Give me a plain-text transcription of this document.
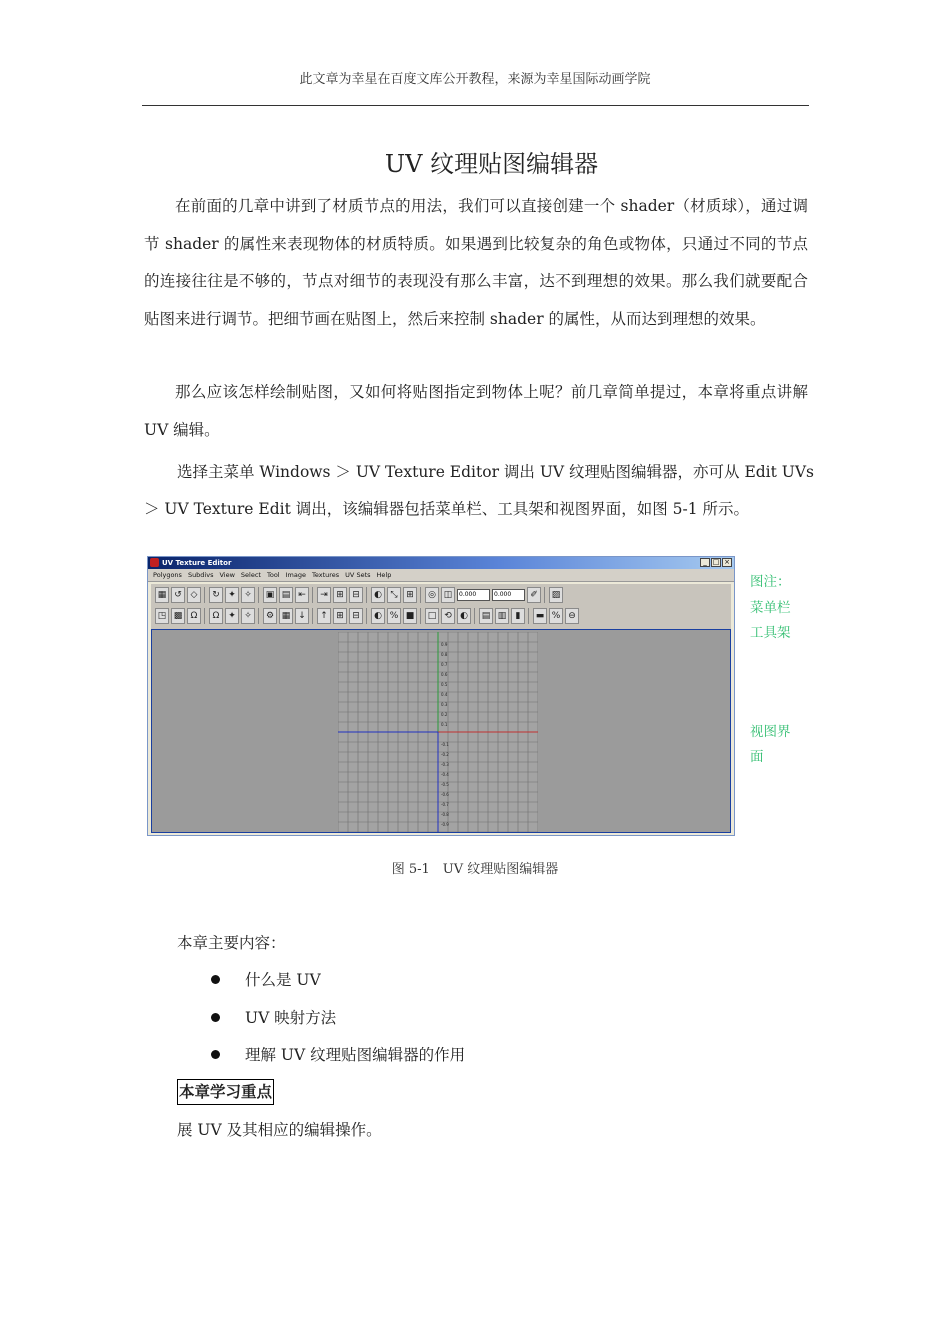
此文章为幸星在百度文库公开教程，来源为幸星国际动画学院
UV 纹理贴图编辑器

在前面的几章中讲到了材质节点的用法，我们可以直接创建一个 shader（材质球），通过调节 shader 的属性来表现物体的材质特质。如果遇到比较复杂的角色或物体，只通过不同的节点的连接往往是不够的，节点对细节的表现没有那么丰富，达不到理想的效果。那么我们就要配合贴图来进行调节。把细节画在贴图上，然后来控制 shader 的属性，从而达到理想的效果。

那么应该怎样绘制贴图，又如何将贴图指定到物体上呢？前几章简单提过，本章将重点讲解 UV 编辑。

选择主菜单 Windows ＞ UV Texture Editor 调出 UV 纹理贴图编辑器，亦可从 Edit UVs
＞ UV Texture Edit 调出，该编辑器包括菜单栏、工具架和视图界面，如图 5-1 所示。
UV Texture Editor	_ □ ×
Polygons Subdivs View Select Tool Image Textures UV Sets Help
▦ ↺ ◇	↻ ✦ ✧	▣ ▤ ⇤	⇥ ⊞ ⊟	◐ ⤡ ⊞	◎ ◫	0.000	0.000	✐	▨
◳ ▩ Ω	Ω ✦ ✧	⚙ ▦ ↓	↑ ⊞ ⊟	◐ % ■	□ ⟲ ◐	▤ ▥	▮	▬ % ⊖
0.9
0.8
0.7
0.6
0.5
0.4
0.3
0.2
0.1
-0.1
-0.2
-0.3
-0.4
-0.5
-0.6
-0.7
-0.8
-0.9
图注：
菜单栏
工具架
视图界
面
图 5-1　UV 纹理贴图编辑器
本章主要内容：
什么是 UV
UV 映射方法
理解 UV 纹理贴图编辑器的作用
本章学习重点
展 UV 及其相应的编辑操作。
